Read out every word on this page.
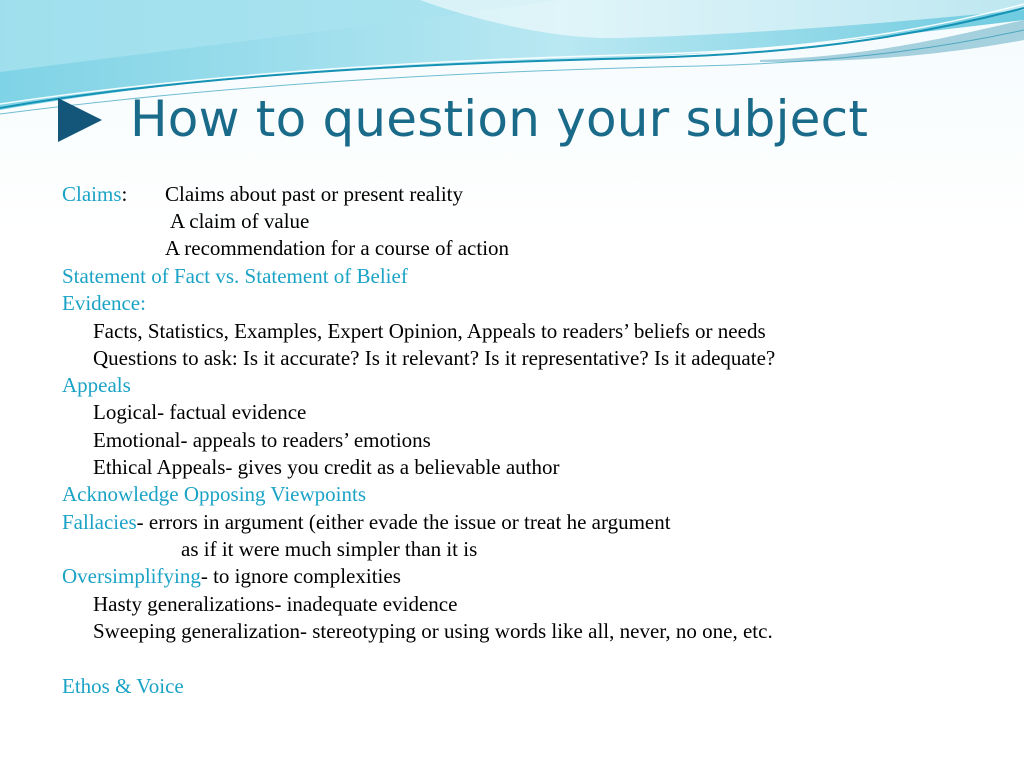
How to question your subject
Claims: Claims about past or present reality
A claim of value
A recommendation for a course of action
Statement of Fact vs. Statement of Belief
Evidence:
Facts, Statistics, Examples, Expert Opinion, Appeals to readers’ beliefs or needs
Questions to ask: Is it accurate? Is it relevant? Is it representative? Is it adequate?
Appeals
Logical- factual evidence
Emotional- appeals to readers’ emotions
Ethical Appeals- gives you credit as a believable author
Acknowledge Opposing Viewpoints
Fallacies- errors in argument (either evade the issue or treat he argument
as if it were much simpler than it is
Oversimplifying- to ignore complexities
Hasty generalizations- inadequate evidence
Sweeping generalization- stereotyping or using words like all, never, no one, etc.
Ethos & Voice
